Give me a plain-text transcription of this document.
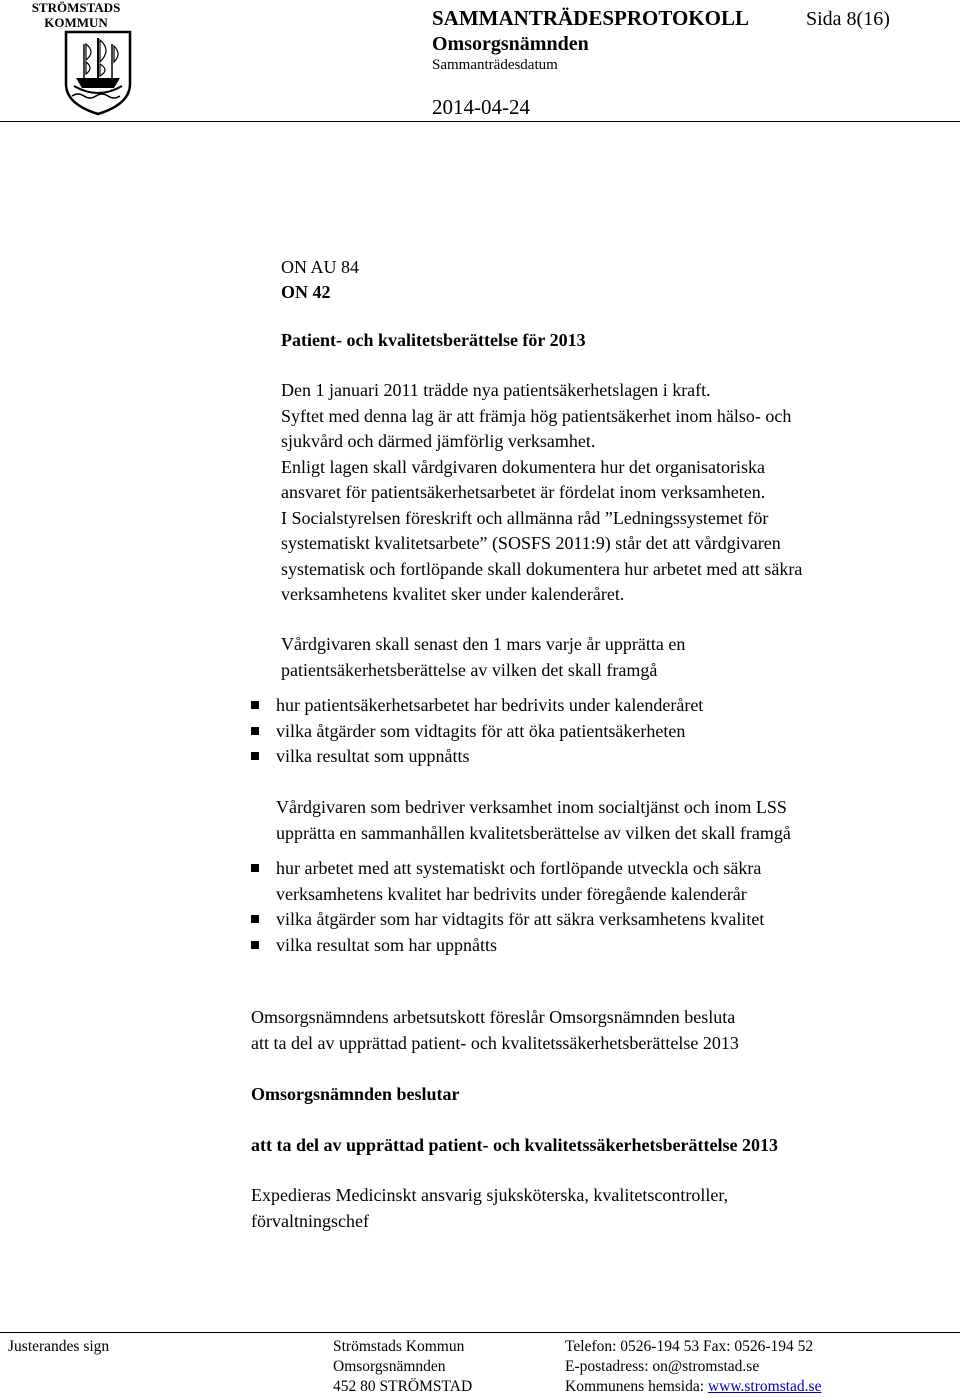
STRÖMSTADS
KOMMUN	SAMMANTRÄDESPROTOKOLL	Sida 8(16)
Omsorgsnämnden
Sammanträdesdatum
2014-04-24
ON AU 84
ON 42
Patient- och kvalitetsberättelse för 2013

Den 1 januari 2011 trädde nya patientsäkerhetslagen i kraft.

Syftet med denna lag är att främja hög patientsäkerhet inom hälso- och

sjukvård och därmed jämförlig verksamhet.

Enligt lagen skall vårdgivaren dokumentera hur det organisatoriska

ansvaret för patientsäkerhetsarbetet är fördelat inom verksamheten.

I Socialstyrelsen föreskrift och allmänna råd ”Ledningssystemet för

systematiskt kvalitetsarbete” (SOSFS 2011:9) står det att vårdgivaren

systematisk och fortlöpande skall dokumentera hur arbetet med att säkra

verksamhetens kvalitet sker under kalenderåret.

Vårdgivaren skall senast den 1 mars varje år upprätta en

patientsäkerhetsberättelse av vilken det skall framgå

hur patientsäkerhetsarbetet har bedrivits under kalenderåret
vilka åtgärder som vidtagits för att öka patientsäkerheten
vilka resultat som uppnåtts

Vårdgivaren som bedriver verksamhet inom socialtjänst och inom LSS

upprätta en sammanhållen kvalitetsberättelse av vilken det skall framgå

hur arbetet med att systematiskt och fortlöpande utveckla och säkra
verksamhetens kvalitet har bedrivits under föregående kalenderår
vilka åtgärder som har vidtagits för att säkra verksamhetens kvalitet
vilka resultat som har uppnåtts

Omsorgsnämndens arbetsutskott föreslår Omsorgsnämnden besluta

att ta del av upprättad patient- och kvalitetssäkerhetsberättelse 2013

Omsorgsnämnden beslutar
att ta del av upprättad patient- och kvalitetssäkerhetsberättelse 2013

Expedieras Medicinskt ansvarig sjuksköterska, kvalitetscontroller,

förvaltningschef

Justerandes sign	Strömstads Kommun
Omsorgsnämnden
452 80 STRÖMSTAD
Telefon: 0526-194 53 Fax: 0526-194 52
E-postadress: on@stromstad.se
Kommunens hemsida: www.stromstad.se
